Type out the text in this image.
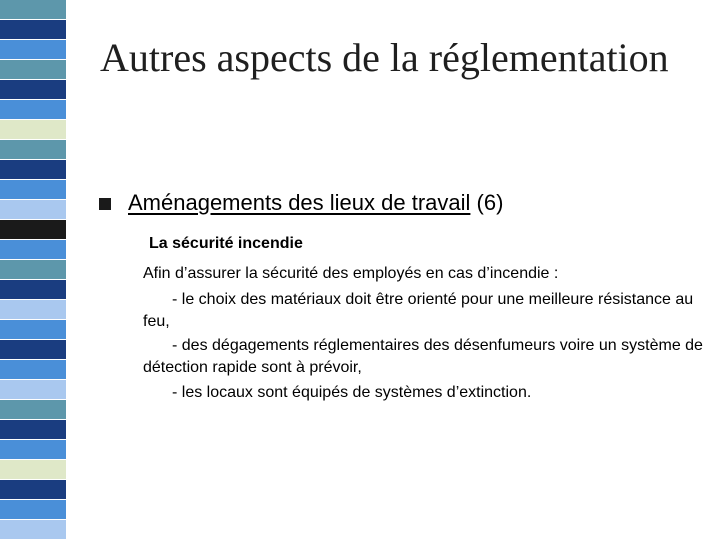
Autres aspects de la réglementation
Aménagements des lieux de travail (6)
La sécurité incendie
Afin d’assurer la sécurité des employés en cas d’incendie :
- le choix des matériaux doit être orienté pour une meilleure résistance au feu,
- des dégagements réglementaires des désenfumeurs voire un système de détection rapide sont à prévoir,
- les locaux sont équipés de systèmes d’extinction.
